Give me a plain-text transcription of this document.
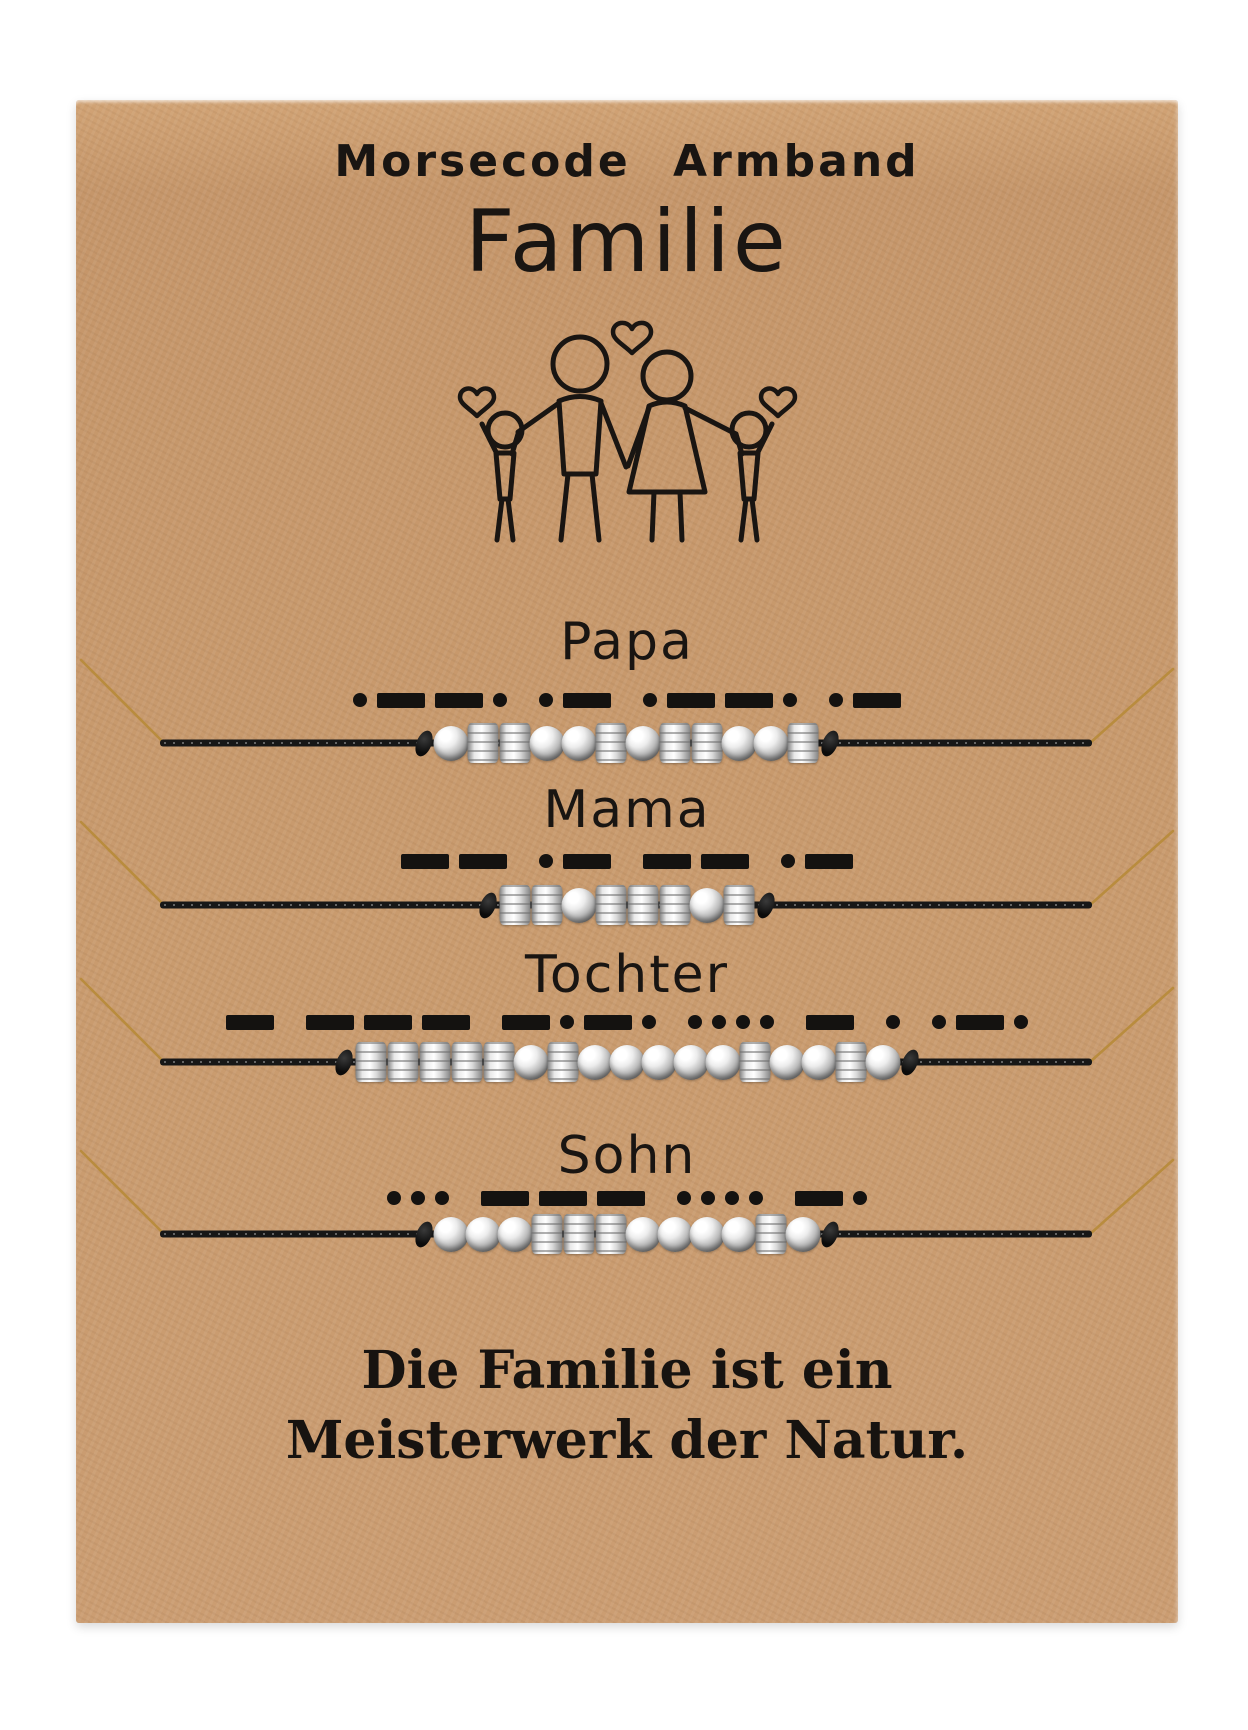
Morsecode Armband
Familie
Papa
Mama
Tochter
Sohn
Die Familie ist ein
Meisterwerk der Natur.
